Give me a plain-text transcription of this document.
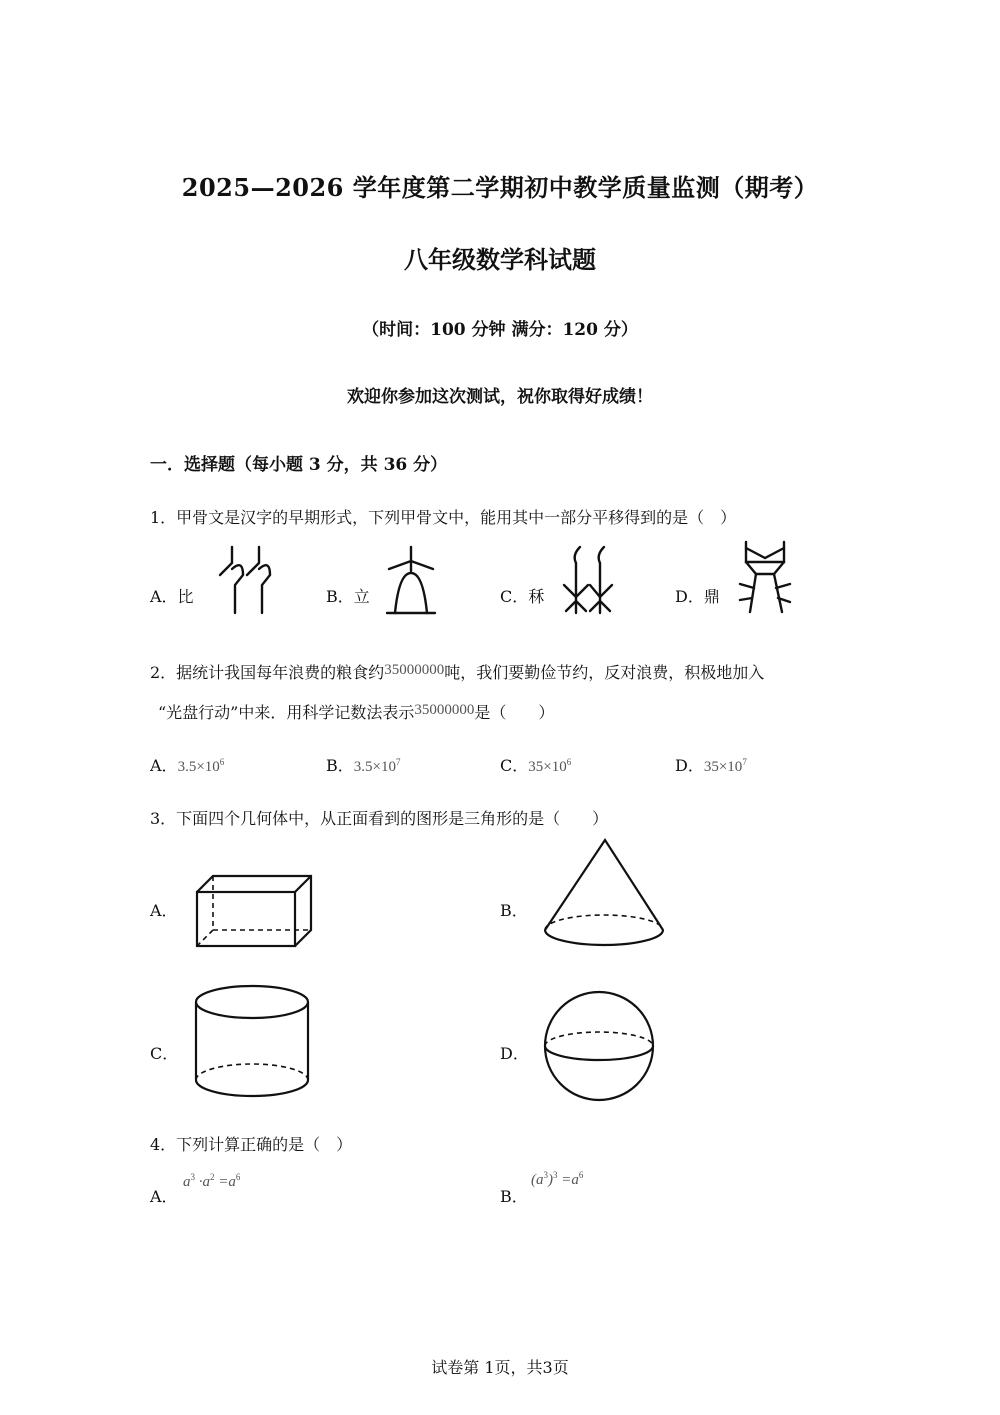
2025—2026 学年度第二学期初中教学质量监测（期考）
八年级数学科试题
（时间：100 分钟 满分：120 分）
欢迎你参加这次测试，祝你取得好成绩！
一．选择题（每小题 3 分，共 36 分）
1．甲骨文是汉字的早期形式，下列甲骨文中，能用其中一部分平移得到的是（　）
A．比	B．立	C．秝	D．鼎
2．据统计我国每年浪费的粮食约35000000吨，我们要勤俭节约，反对浪费，积极地加入
“光盘行动”中来．用科学记数法表示35000000是（　　）
A．$3.5\times 10^6$	B．$3.5\times 10^7$	C．$35\times 10^6$	D．$35\times 10^7$
3．下面四个几何体中，从正面看到的图形是三角形的是（　　）
A．	B．
C．	D．
4．下列计算正确的是（　）
A．
$a^3 \cdot a^2 =a^6$
B．
$(a^3)^3 =a^6$
试卷第 1页，共3页
